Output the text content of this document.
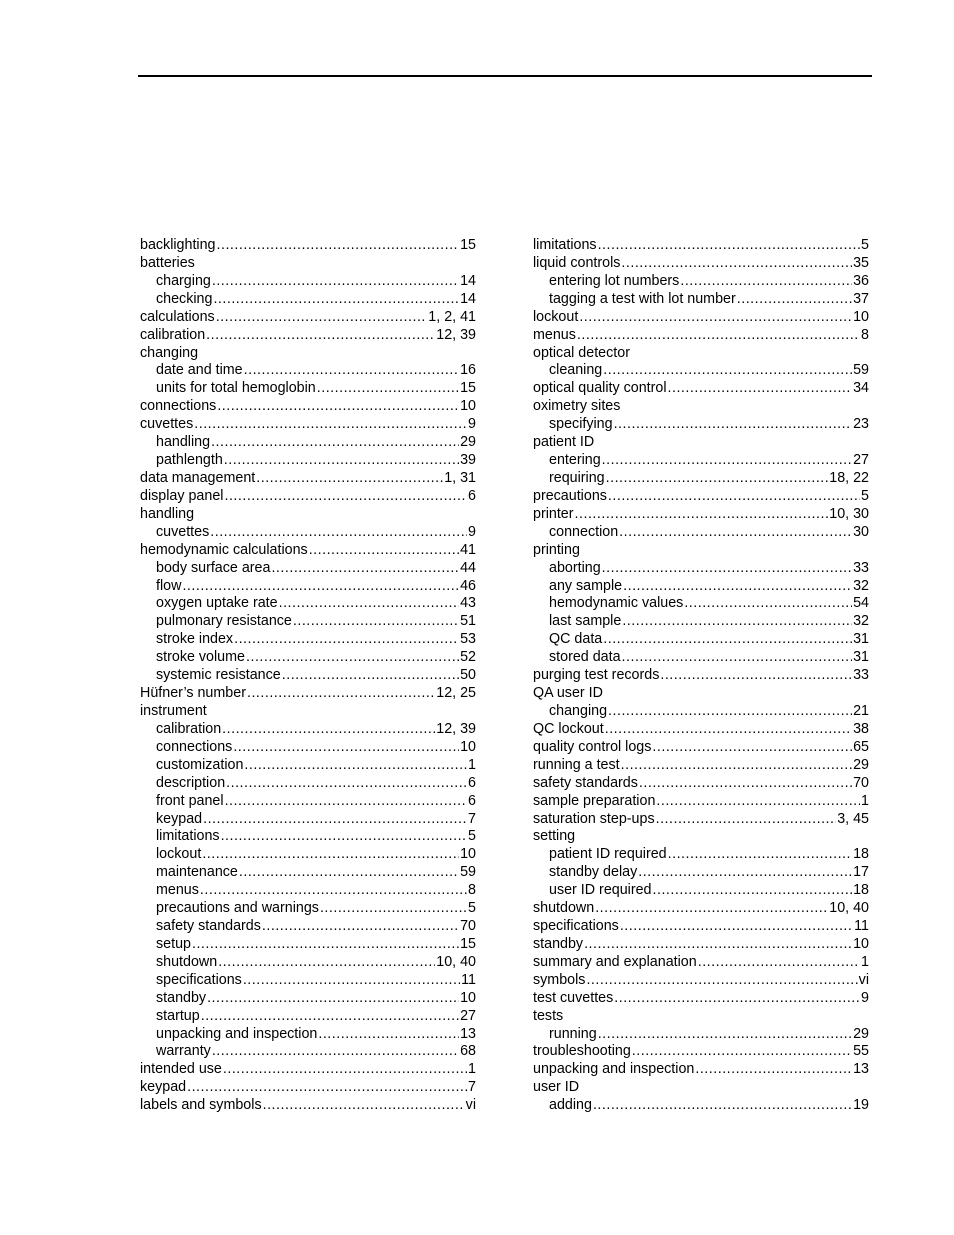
backlighting .....	15
batteries
charging .....	14
checking .....	14
calculations .....	1, 2, 41
calibration .....	12, 39
changing
date and time .....	16
units for total hemoglobin .....	15
connections .....	10
cuvettes .....	9
handling .....	29
pathlength .....	39
data management .....	1, 31
display panel .....	6
handling
cuvettes .....	9
hemodynamic calculations .....	41
body surface area .....	44
flow .....	46
oxygen uptake rate .....	43
pulmonary resistance .....	51
stroke index .....	53
stroke volume .....	52
systemic resistance .....	50
Hüfner’s number .....	12, 25
instrument
calibration .....	12, 39
connections .....	10
customization .....	1
description .....	6
front panel .....	6
keypad .....	7
limitations .....	5
lockout .....	10
maintenance .....	59
menus .....	8
precautions and warnings .....	5
safety standards .....	70
setup .....	15
shutdown .....	10, 40
specifications .....	11
standby .....	10
startup .....	27
unpacking and inspection .....	13
warranty .....	68
intended use .....	1
keypad .....	7
labels and symbols .....	vi
limitations .....	5
liquid controls .....	35
entering lot numbers .....	36
tagging a test with lot number .....	37
lockout .....	10
menus .....	8
optical detector
cleaning .....	59
optical quality control .....	34
oximetry sites
specifying .....	23
patient ID
entering .....	27
requiring .....	18, 22
precautions .....	5
printer .....	10, 30
connection .....	30
printing
aborting .....	33
any sample .....	32
hemodynamic values .....	54
last sample .....	32
QC data .....	31
stored data .....	31
purging test records .....	33
QA user ID
changing .....	21
QC lockout .....	38
quality control logs .....	65
running a test .....	29
safety standards .....	70
sample preparation .....	1
saturation step-ups .....	3, 45
setting
patient ID required .....	18
standby delay .....	17
user ID required .....	18
shutdown .....	10, 40
specifications .....	11
standby .....	10
summary and explanation .....	1
symbols .....	vi
test cuvettes .....	9
tests
running .....	29
troubleshooting .....	55
unpacking and inspection .....	13
user ID
adding .....	19
